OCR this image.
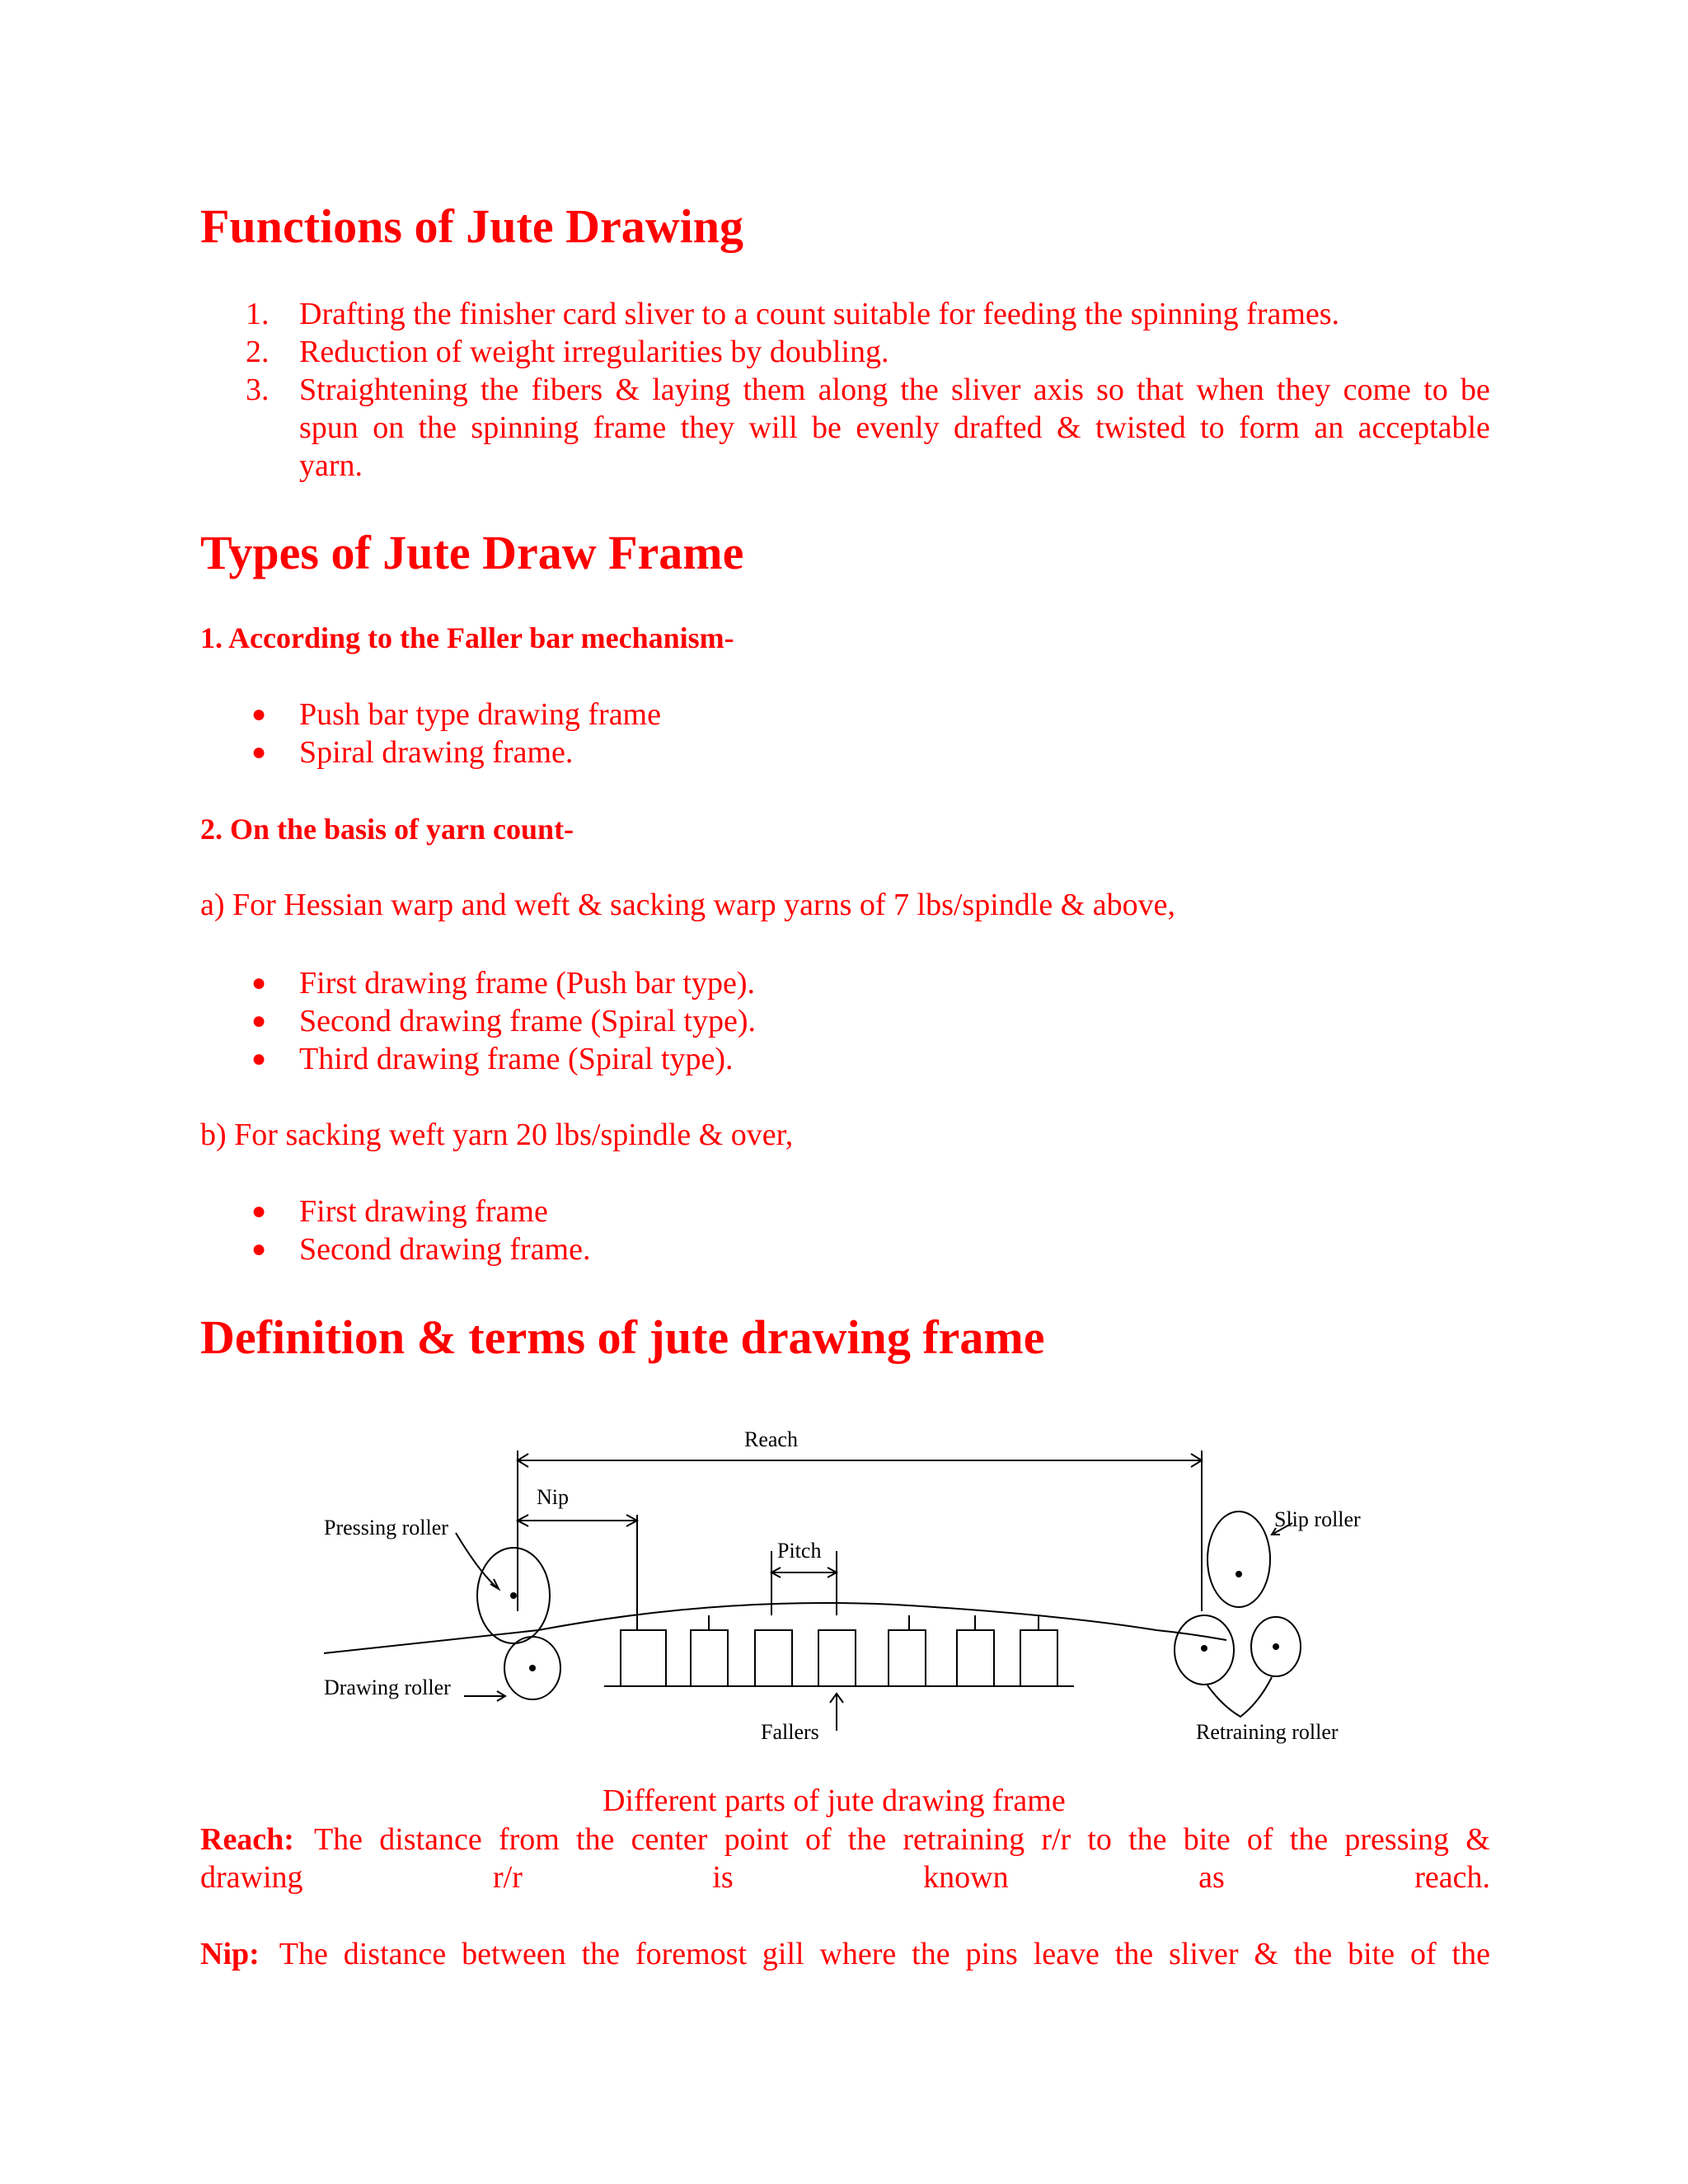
Functions of Jute Drawing
1. Drafting the finisher card sliver to a count suitable for feeding the spinning frames.
2. Reduction of weight irregularities by doubling.
3. Straightening the fibers & laying them along the sliver axis so that when they come to be
spun on the spinning frame they will be evenly drafted & twisted to form an acceptable
yarn.
Types of Jute Draw Frame
1. According to the Faller bar mechanism-
● Push bar type drawing frame
● Spiral drawing frame.
2. On the basis of yarn count-
a) For Hessian warp and weft & sacking warp yarns of 7 lbs/spindle & above,
● First drawing frame (Push bar type).
● Second drawing frame (Spiral type).
● Third drawing frame (Spiral type).
b) For sacking weft yarn 20 lbs/spindle & over,
● First drawing frame
● Second drawing frame.
Definition & terms of jute drawing frame
Reach
Nip
Pitch
Pressing roller
Drawing roller
Fallers
Slip roller
Retraining roller
Different parts of jute drawing frame
Reach: The distance from the center point of the retraining r/r to the bite of the pressing &
drawing	r/r	is	known	as	reach.
Nip: The distance between the foremost gill where the pins leave the sliver & the bite of the
